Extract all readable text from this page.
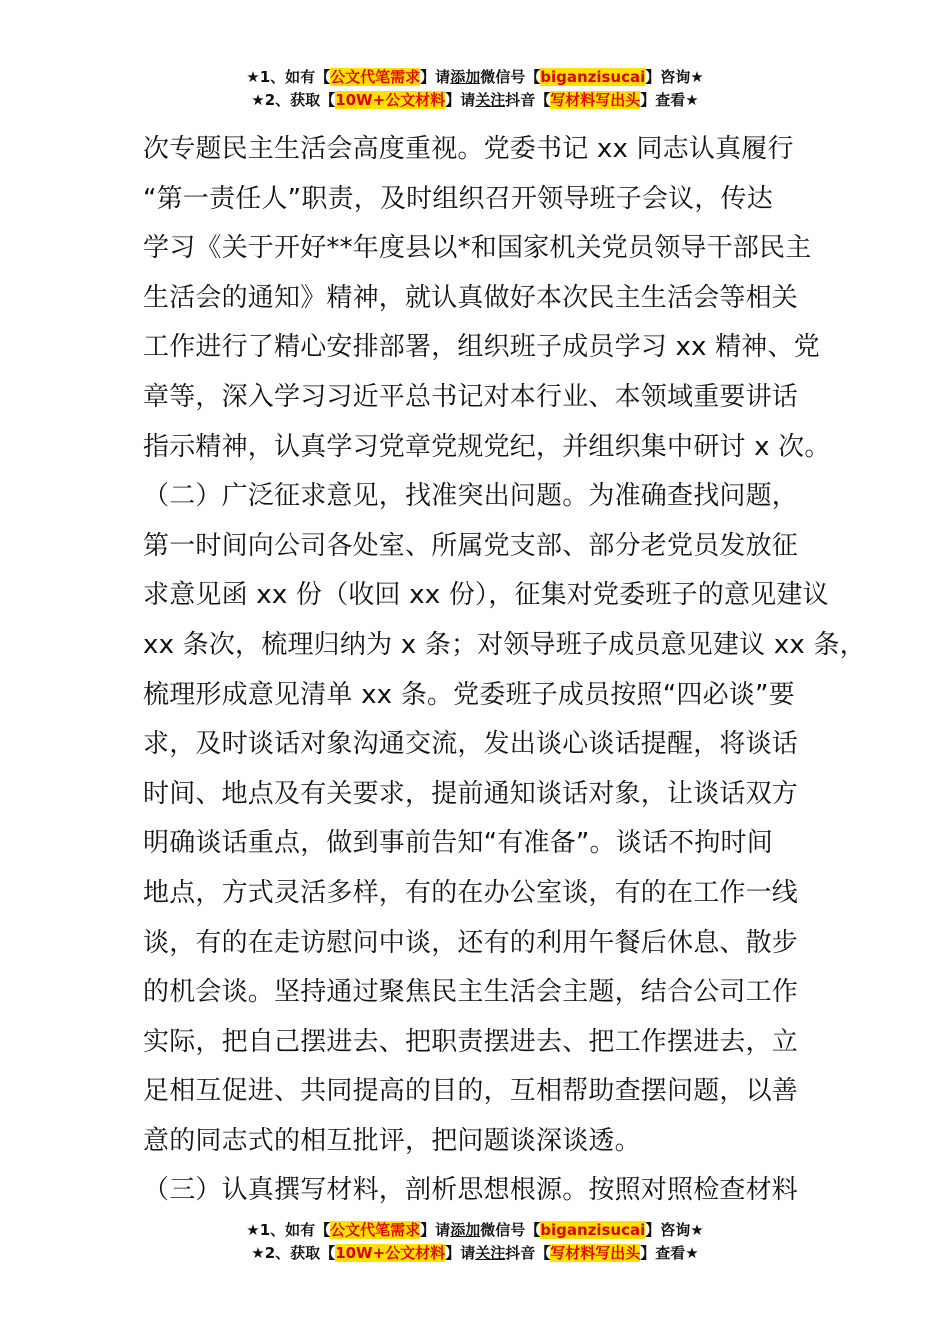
★1、如有【公文代笔需求】请添加微信号【biganzisucai】咨询★
★2、获取【10W+公文材料】请关注抖音【写材料写出头】查看★
次专题民主生活会高度重视。党委书记 xx 同志认真履行
“第一责任人”职责，及时组织召开领导班子会议，传达
学习《关于开好**年度县以*和国家机关党员领导干部民主
生活会的通知》精神，就认真做好本次民主生活会等相关
工作进行了精心安排部署，组织班子成员学习 xx 精神、党
章等，深入学习习近平总书记对本行业、本领域重要讲话
指示精神，认真学习党章党规党纪，并组织集中研讨 x 次。
（二）广泛征求意见，找准突出问题。为准确查找问题，
第一时间向公司各处室、所属党支部、部分老党员发放征
求意见函 xx 份（收回 xx 份），征集对党委班子的意见建议
xx 条次，梳理归纳为 x 条；对领导班子成员意见建议 xx 条，
梳理形成意见清单 xx 条。党委班子成员按照“四必谈”要
求，及时谈话对象沟通交流，发出谈心谈话提醒，将谈话
时间、地点及有关要求，提前通知谈话对象，让谈话双方
明确谈话重点，做到事前告知“有准备”。谈话不拘时间
地点，方式灵活多样，有的在办公室谈，有的在工作一线
谈，有的在走访慰问中谈，还有的利用午餐后休息、散步
的机会谈。坚持通过聚焦民主生活会主题，结合公司工作
实际，把自己摆进去、把职责摆进去、把工作摆进去，立
足相互促进、共同提高的目的，互相帮助查摆问题，以善
意的同志式的相互批评，把问题谈深谈透。
（三）认真撰写材料，剖析思想根源。按照对照检查材料
★1、如有【公文代笔需求】请添加微信号【biganzisucai】咨询★
★2、获取【10W+公文材料】请关注抖音【写材料写出头】查看★
